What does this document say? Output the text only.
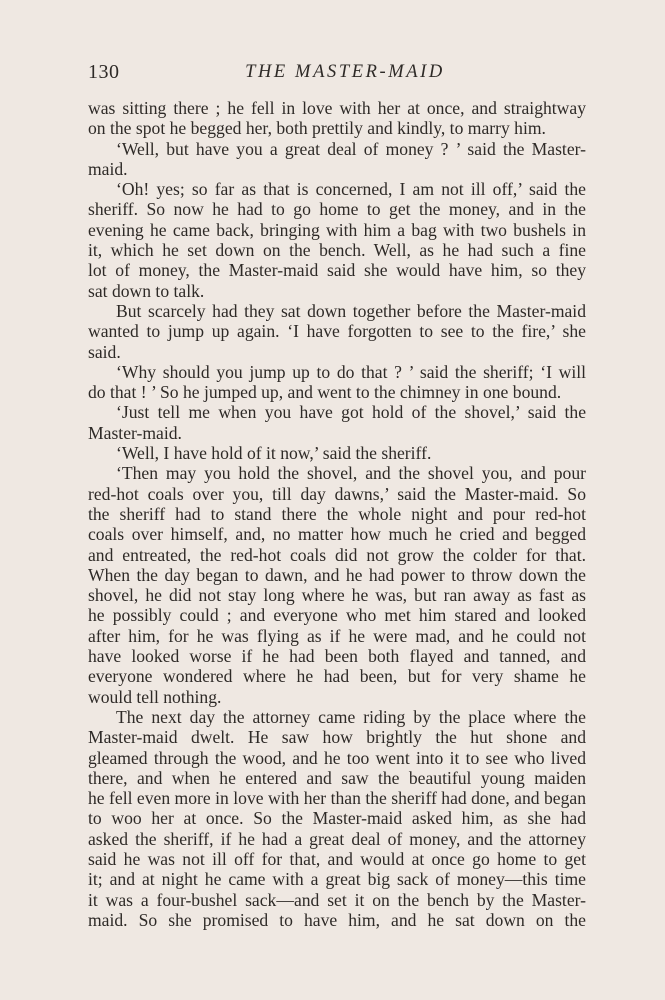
130	THE MASTER-MAID
was sitting there ; he fell in love with her at once, and straightway
on the spot he begged her, both prettily and kindly, to marry him.
‘Well, but have you a great deal of money ? ’ said the Master-
maid.
‘Oh! yes; so far as that is concerned, I am not ill off,’ said the
sheriff. So now he had to go home to get the money, and in the
evening he came back, bringing with him a bag with two bushels in
it, which he set down on the bench. Well, as he had such a fine
lot of money, the Master-maid said she would have him, so they
sat down to talk.
But scarcely had they sat down together before the Master-maid
wanted to jump up again. ‘I have forgotten to see to the fire,’ she
said.
‘Why should you jump up to do that ? ’ said the sheriff; ‘I will
do that ! ’ So he jumped up, and went to the chimney in one bound.
‘Just tell me when you have got hold of the shovel,’ said the
Master-maid.
‘Well, I have hold of it now,’ said the sheriff.
‘Then may you hold the shovel, and the shovel you, and pour
red-hot coals over you, till day dawns,’ said the Master-maid. So
the sheriff had to stand there the whole night and pour red-hot
coals over himself, and, no matter how much he cried and begged
and entreated, the red-hot coals did not grow the colder for that.
When the day began to dawn, and he had power to throw down the
shovel, he did not stay long where he was, but ran away as fast as
he possibly could ; and everyone who met him stared and looked
after him, for he was flying as if he were mad, and he could not
have looked worse if he had been both flayed and tanned, and
everyone wondered where he had been, but for very shame he
would tell nothing.
The next day the attorney came riding by the place where the
Master-maid dwelt. He saw how brightly the hut shone and
gleamed through the wood, and he too went into it to see who lived
there, and when he entered and saw the beautiful young maiden
he fell even more in love with her than the sheriff had done, and began
to woo her at once. So the Master-maid asked him, as she had
asked the sheriff, if he had a great deal of money, and the attorney
said he was not ill off for that, and would at once go home to get
it; and at night he came with a great big sack of money—this time
it was a four-bushel sack—and set it on the bench by the Master-
maid. So she promised to have him, and he sat down on the
